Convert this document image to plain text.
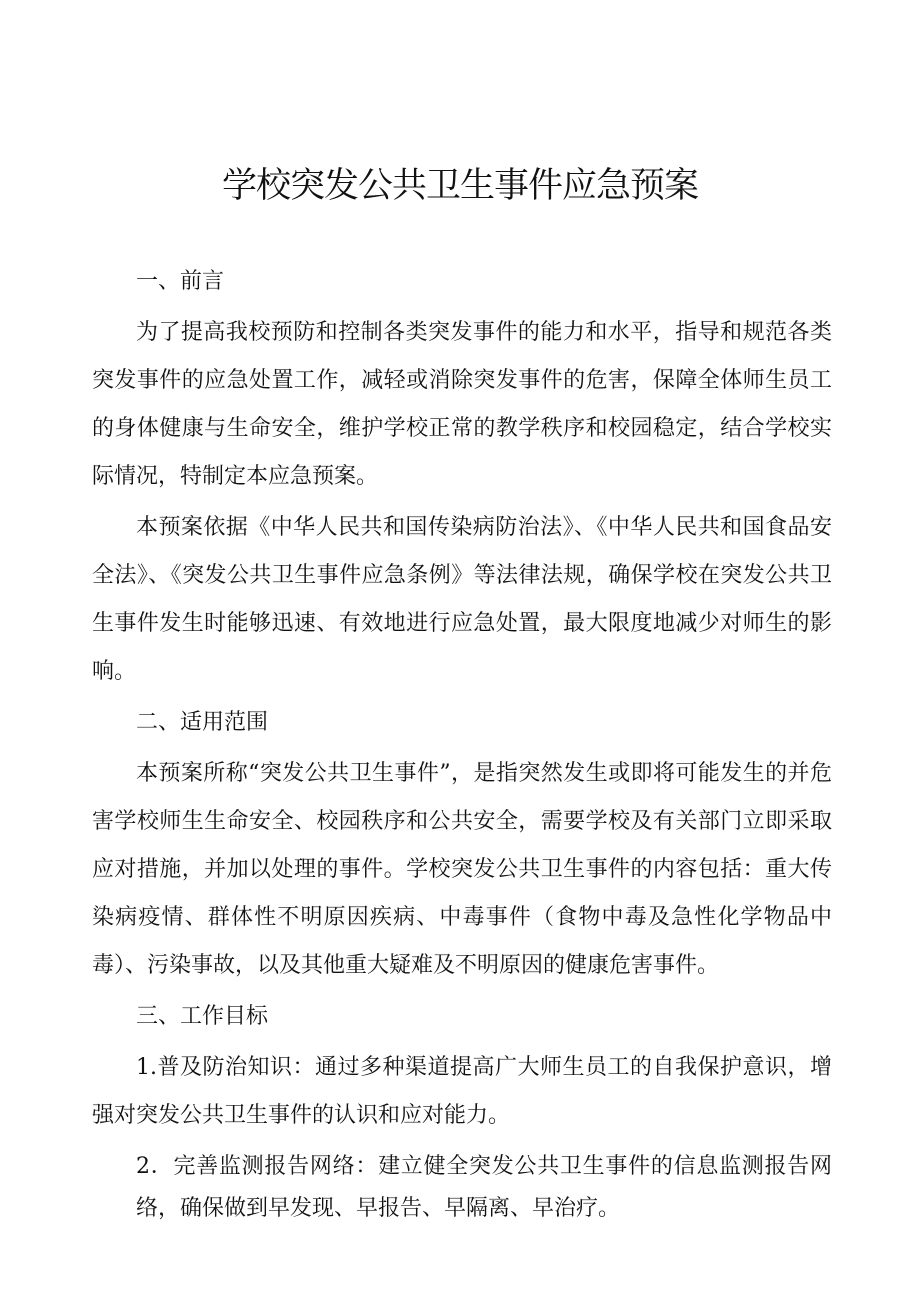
学校突发公共卫生事件应急预案

一、前言

为了提高我校预防和控制各类突发事件的能力和水平，指导和规范各类突发事件的应急处置工作，减轻或消除突发事件的危害，保障全体师生员工的身体健康与生命安全，维护学校正常的教学秩序和校园稳定，结合学校实际情况，特制定本应急预案。

本预案依据《中华人民共和国传染病防治法》、《中华人民共和国食品安全法》、《突发公共卫生事件应急条例》等法律法规，确保学校在突发公共卫生事件发生时能够迅速、有效地进行应急处置，最大限度地减少对师生的影响。

二、适用范围

本预案所称“突发公共卫生事件”，是指突然发生或即将可能发生的并危害学校师生生命安全、校园秩序和公共安全，需要学校及有关部门立即采取应对措施，并加以处理的事件。学校突发公共卫生事件的内容包括：重大传染病疫情、群体性不明原因疾病、中毒事件（食物中毒及急性化学物品中毒）、污染事故，以及其他重大疑难及不明原因的健康危害事件。

三、工作目标

1.普及防治知识：通过多种渠道提高广大师生员工的自我保护意识，增强对突发公共卫生事件的认识和应对能力。

2．完善监测报告网络：建立健全突发公共卫生事件的信息监测报告网络，确保做到早发现、早报告、早隔离、早治疗。
